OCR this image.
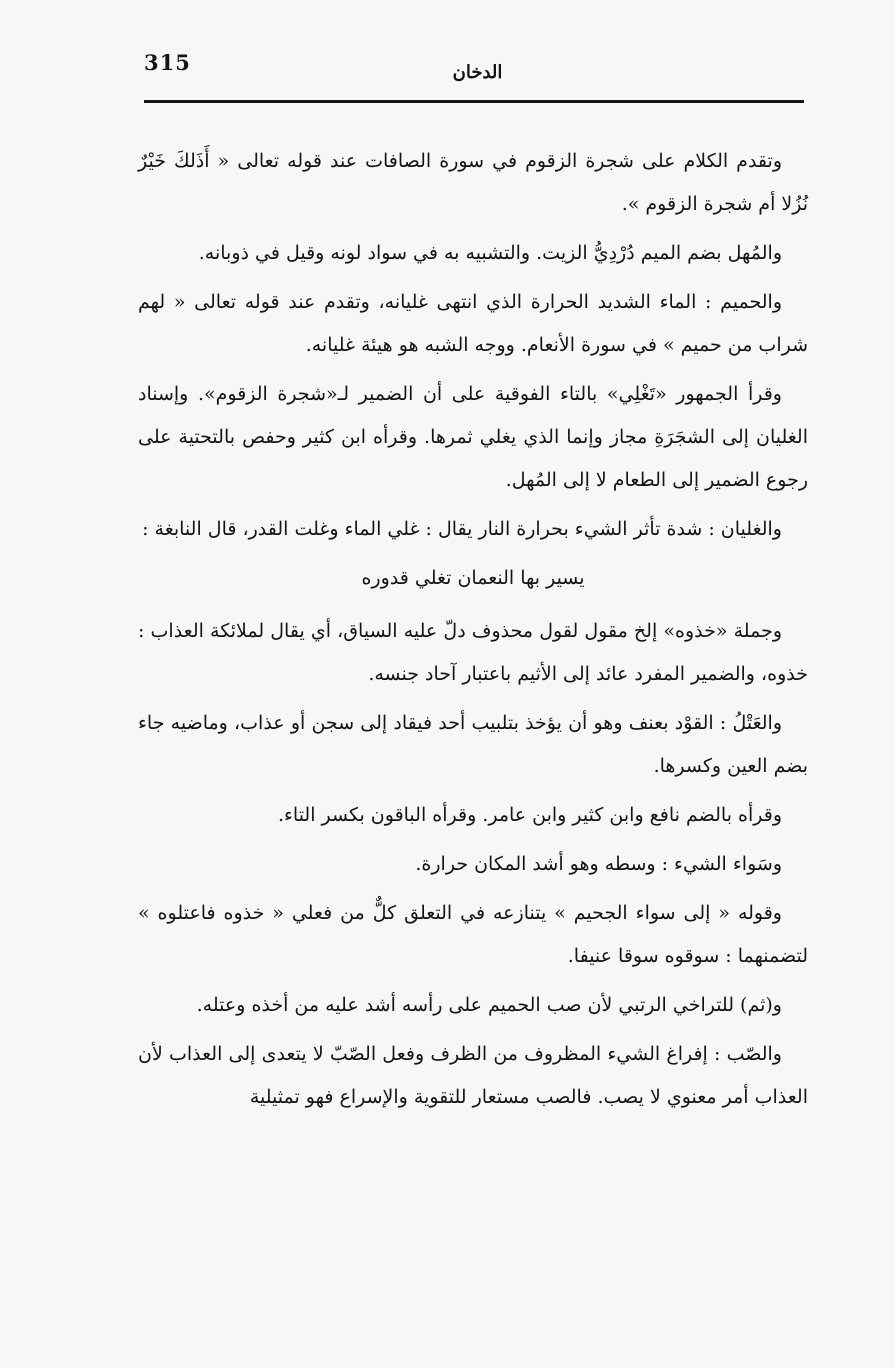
315	الدخان

وتقدم الكلام على شجرة الزقوم في سورة الصافات عند قوله تعالى « أَذَلكَ خَيْرٌ نُزُلا أم شجرة الزقوم ».

والمُهل بضم الميم دُرْدِيُّ الزيت. والتشبيه به في سواد لونه وقيل في ذوبانه.

والحميم : الماء الشديد الحرارة الذي انتهى غليانه، وتقدم عند قوله تعالى « لهم شراب من حميم » في سورة الأنعام. ووجه الشبه هو هيئة غليانه.

وقرأ الجمهور «تَغْلِي» بالتاء الفوقية على أن الضمير لـ«شجرة الزقوم». وإسناد الغليان إلى الشجَرَةِ مجاز وإنما الذي يغلي ثمرها. وقرأه ابن كثير وحفص بالتحتية على رجوع الضمير إلى الطعام لا إلى المُهل.

والغليان : شدة تأثر الشيء بحرارة النار يقال : غلي الماء وغلت القدر، قال النابغة :

يسير بها النعمان تغلي قدوره

وجملة «خذوه» إلخ مقول لقول محذوف دلّ عليه السياق، أي يقال لملائكة العذاب : خذوه، والضمير المفرد عائد إلى الأثيم باعتبار آحاد جنسه.

والعَتْلُ : القوْد بعنف وهو أن يؤخذ بتلبيب أحد فيقاد إلى سجن أو عذاب، وماضيه جاء بضم العين وكسرها.

وقرأه بالضم نافع وابن كثير وابن عامر. وقرأه الباقون بكسر التاء.

وسَواء الشيء : وسطه وهو أشد المكان حرارة.

وقوله « إلى سواء الجحيم » يتنازعه في التعلق كلٌّ من فعلي « خذوه فاعتلوه » لتضمنهما : سوقوه سوقا عنيفا.

و(ثم) للتراخي الرتبي لأن صب الحميم على رأسه أشد عليه من أخذه وعتله.

والصّب : إفراغ الشيء المظروف من الظرف وفعل الصّبّ لا يتعدى إلى العذاب لأن العذاب أمر معنوي لا يصب. فالصب مستعار للتقوية والإسراع فهو تمثيلية
